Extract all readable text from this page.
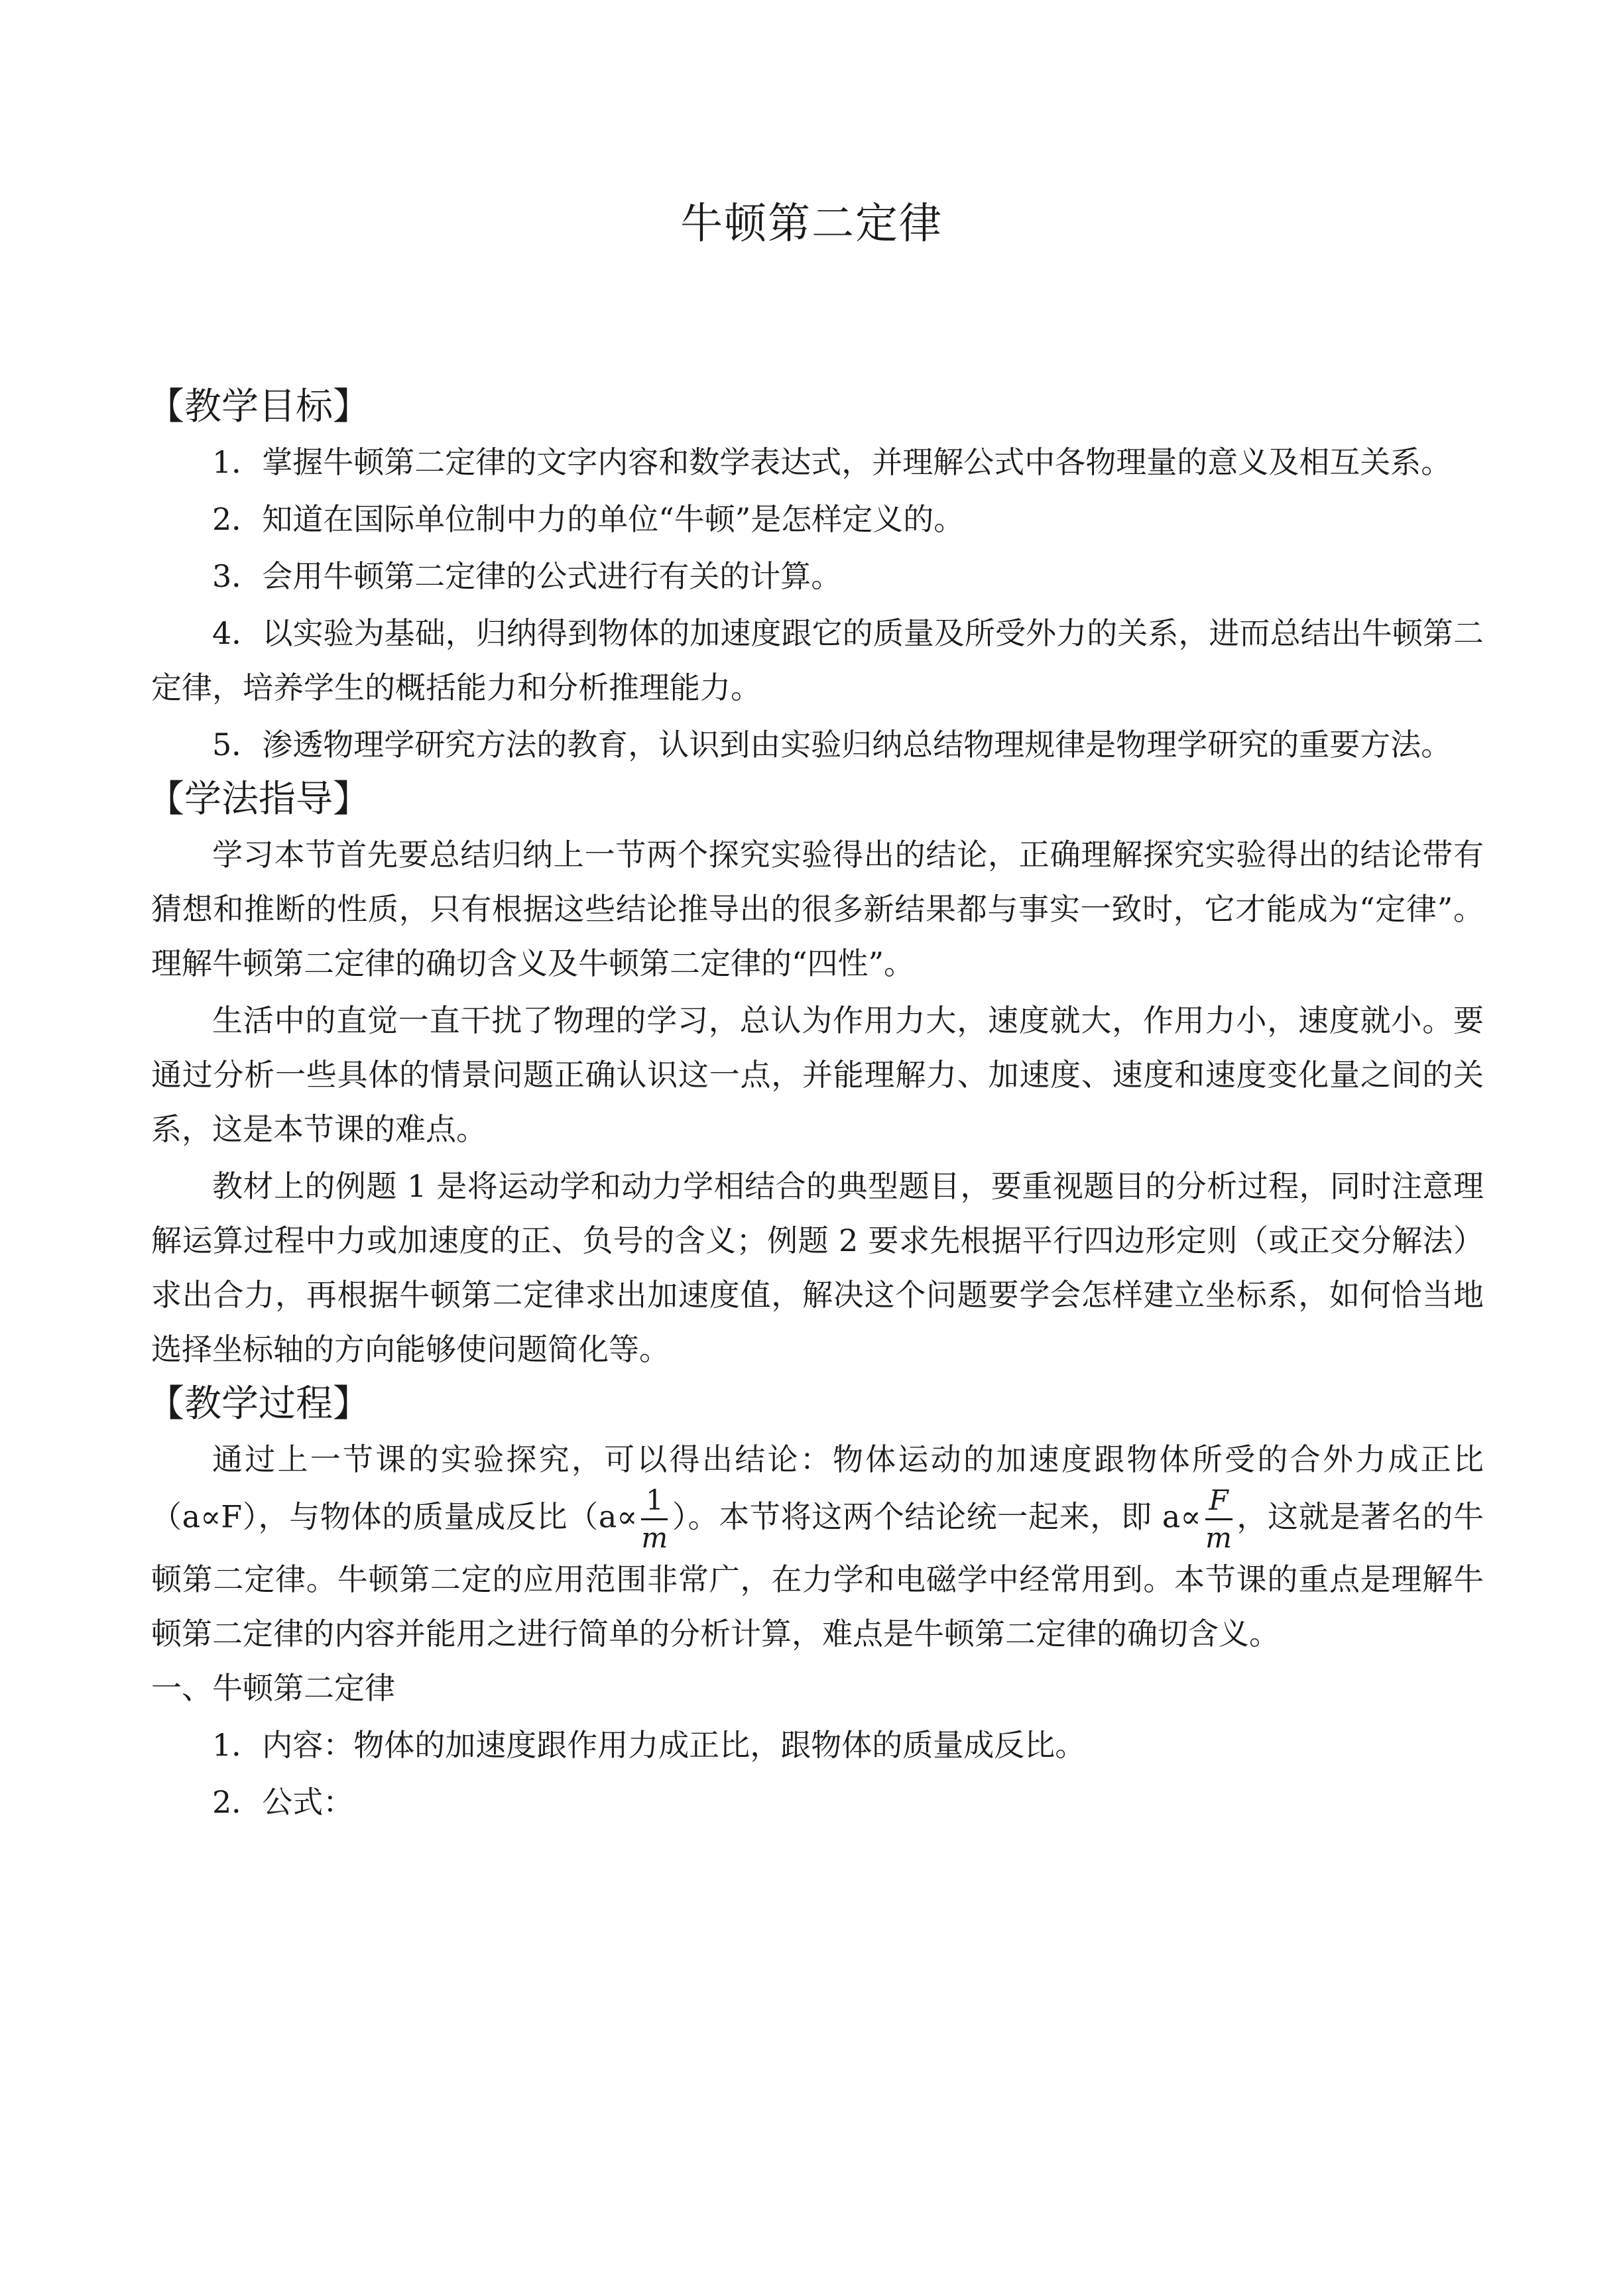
牛顿第二定律
【教学目标】

1．掌握牛顿第二定律的文字内容和数学表达式，并理解公式中各物理量的意义及相互关系。

2．知道在国际单位制中力的单位“牛顿”是怎样定义的。

3．会用牛顿第二定律的公式进行有关的计算。

4．以实验为基础，归纳得到物体的加速度跟它的质量及所受外力的关系，进而总结出牛顿第二定律，培养学生的概括能力和分析推理能力。

5．渗透物理学研究方法的教育，认识到由实验归纳总结物理规律是物理学研究的重要方法。

【学法指导】

学习本节首先要总结归纳上一节两个探究实验得出的结论，正确理解探究实验得出的结论带有猜想和推断的性质，只有根据这些结论推导出的很多新结果都与事实一致时，它才能成为“定律”。理解牛顿第二定律的确切含义及牛顿第二定律的“四性”。

生活中的直觉一直干扰了物理的学习，总认为作用力大，速度就大，作用力小，速度就小。要通过分析一些具体的情景问题正确认识这一点，并能理解力、加速度、速度和速度变化量之间的关系，这是本节课的难点。

教材上的例题 1 是将运动学和动力学相结合的典型题目，要重视题目的分析过程，同时注意理解运算过程中力或加速度的正、负号的含义；例题 2 要求先根据平行四边形定则（或正交分解法）求出合力，再根据牛顿第二定律求出加速度值，解决这个问题要学会怎样建立坐标系，如何恰当地选择坐标轴的方向能够使问题简化等。

【教学过程】

通过上一节课的实验探究，可以得出结论：物体运动的加速度跟物体所受的合外力成正比（a∝F），与物体的质量成反比（$a\propto \frac{1}{m}$ ）。本节将这两个结论统一起来，即 $a\propto \frac{F}{m}$ ，这就是著名的牛顿第二定律。牛顿第二定的应用范围非常广，在力学和电磁学中经常用到。本节课的重点是理解牛顿第二定律的内容并能用之进行简单的分析计算，难点是牛顿第二定律的确切含义。

一、牛顿第二定律

1．内容：物体的加速度跟作用力成正比，跟物体的质量成反比。

2．公式：
